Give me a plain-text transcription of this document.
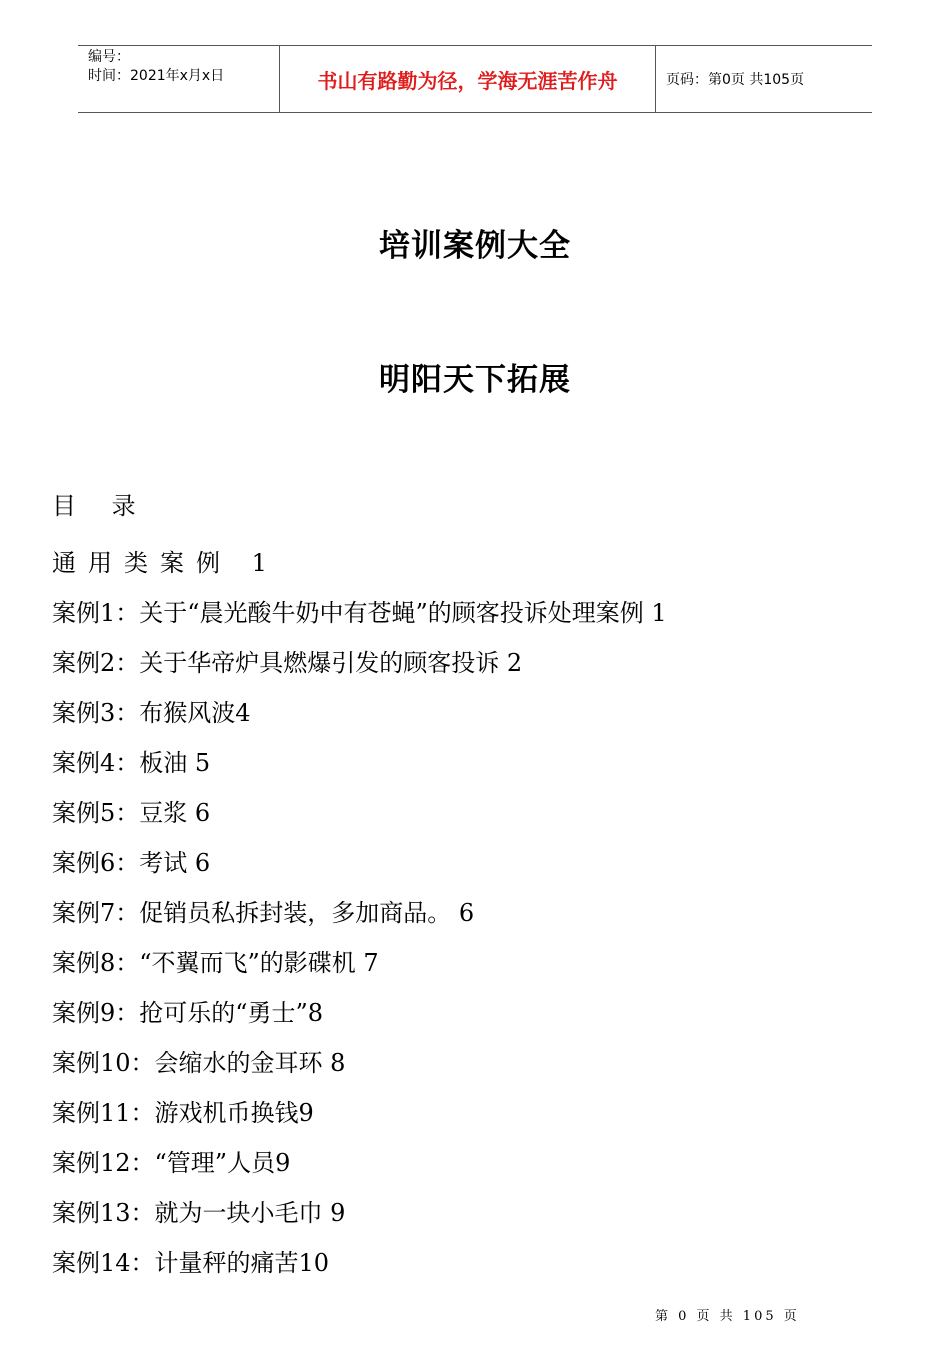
编号：
时间：2021年x月x日	书山有路勤为径，学海无涯苦作舟	页码：第0页 共105页
培训案例大全
明阳天下拓展
目 录
通用类案例 1
案例1：关于“晨光酸牛奶中有苍蝇”的顾客投诉处理案例 1
案例2：关于华帝炉具燃爆引发的顾客投诉 2
案例3：布猴风波4
案例4：板油 5
案例5：豆浆 6
案例6：考试 6
案例7：促销员私拆封装，多加商品。 6
案例8：“不翼而飞”的影碟机 7
案例9：抢可乐的“勇士”8
案例10：会缩水的金耳环 8
案例11：游戏机币换钱9
案例12：“管理”人员9
案例13：就为一块小毛巾 9
案例14：计量秤的痛苦10
第 0 页 共 105 页
